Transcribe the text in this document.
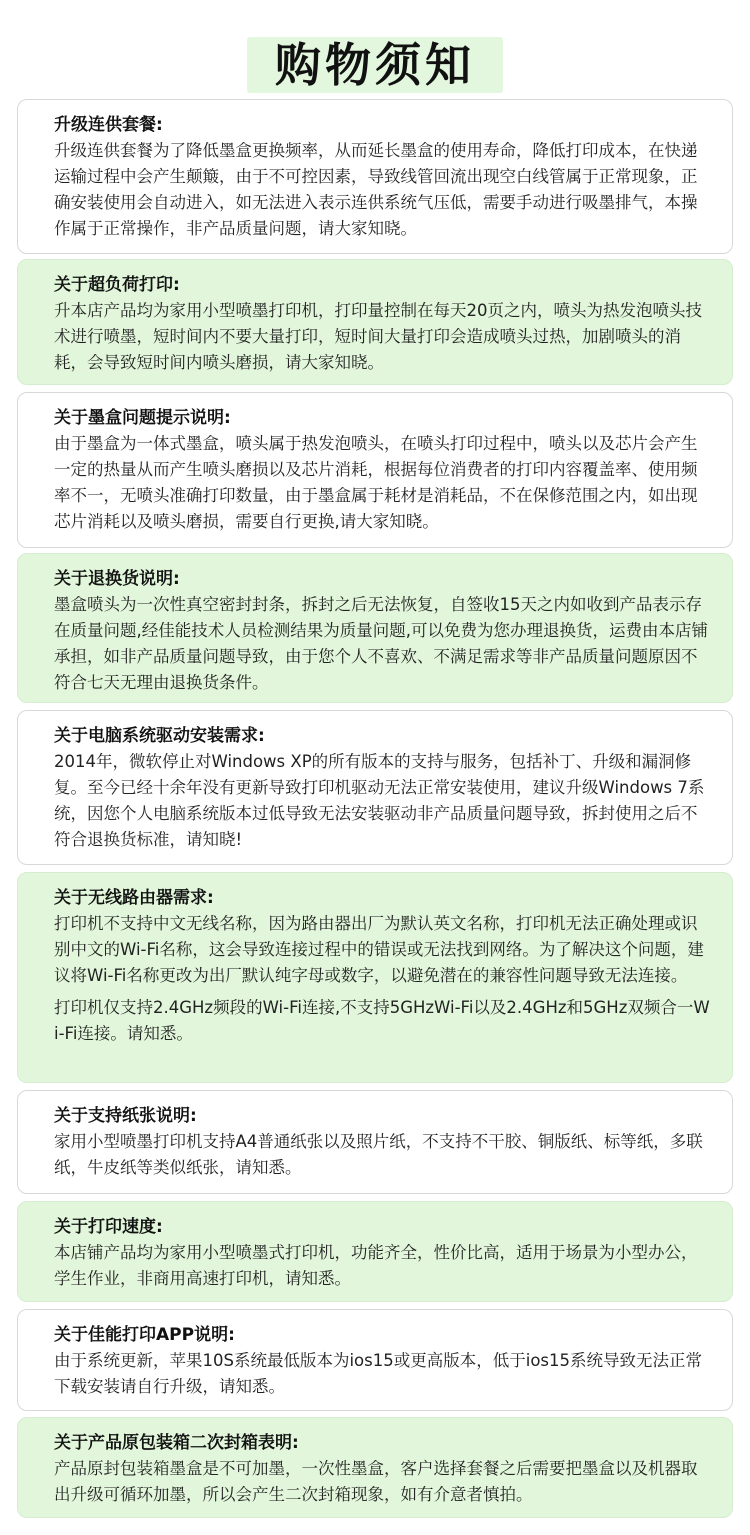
购物须知
升级连供套餐:

升级连供套餐为了降低墨盒更换频率，从而延长墨盒的使用寿命，降低打印成本，在快递运输过程中会产生颠簸，由于不可控因素，导致线管回流出现空白线管属于正常现象，正确安装使用会自动进入，如无法进入表示连供系统气压低，需要手动进行吸墨排气，本操作属于正常操作，非产品质量问题，请大家知晓。

关于超负荷打印:

升本店产品均为家用小型喷墨打印机，打印量控制在每天20页之内，喷头为热发泡喷头技术进行喷墨，短时间内不要大量打印，短时间大量打印会造成喷头过热，加剧喷头的消耗，会导致短时间内喷头磨损，请大家知晓。

关于墨盒问题提示说明:

由于墨盒为一体式墨盒，喷头属于热发泡喷头，在喷头打印过程中，喷头以及芯片会产生一定的热量从而产生喷头磨损以及芯片消耗，根据每位消费者的打印内容覆盖率、使用频率不一，无喷头准确打印数量，由于墨盒属于耗材是消耗品，不在保修范围之内，如出现芯片消耗以及喷头磨损，需要自行更换,请大家知晓。

关于退换货说明:

墨盒喷头为一次性真空密封封条，拆封之后无法恢复，自签收15天之内如收到产品表示存在质量问题,经佳能技术人员检测结果为质量问题,可以免费为您办理退换货，运费由本店铺承担，如非产品质量问题导致，由于您个人不喜欢、不满足需求等非产品质量问题原因不符合七天无理由退换货条件。

关于电脑系统驱动安装需求:

2014年，微软停止对Windows XP的所有版本的支持与服务，包括补丁、升级和漏洞修复。至今已经十余年没有更新导致打印机驱动无法正常安装使用，建议升级Windows 7系统，因您个人电脑系统版本过低导致无法安装驱动非产品质量问题导致，拆封使用之后不符合退换货标准，请知晓!

关于无线路由器需求:

打印机不支持中文无线名称，因为路由器出厂为默认英文名称，打印机无法正确处理或识别中文的Wi-Fi名称，这会导致连接过程中的错误或无法找到网络。为了解决这个问题，建议将Wi-Fi名称更改为出厂默认纯字母或数字，以避免潜在的兼容性问题导致无法连接。

打印机仅支持2.4GHz频段的Wi-Fi连接,不支持5GHzWi-Fi以及2.4GHz和5GHz双频合一Wi-Fi连接。请知悉。

关于支持纸张说明:

家用小型喷墨打印机支持A4普通纸张以及照片纸，不支持不干胶、铜版纸、标等纸，多联纸，牛皮纸等类似纸张，请知悉。

关于打印速度:

本店铺产品均为家用小型喷墨式打印机，功能齐全，性价比高，适用于场景为小型办公，学生作业，非商用高速打印机，请知悉。

关于佳能打印APP说明:

由于系统更新，苹果10S系统最低版本为ios15或更高版本，低于ios15系统导致无法正常下载安装请自行升级，请知悉。

关于产品原包装箱二次封箱表明:

产品原封包装箱墨盒是不可加墨，一次性墨盒，客户选择套餐之后需要把墨盒以及机器取出升级可循环加墨，所以会产生二次封箱现象，如有介意者慎拍。
